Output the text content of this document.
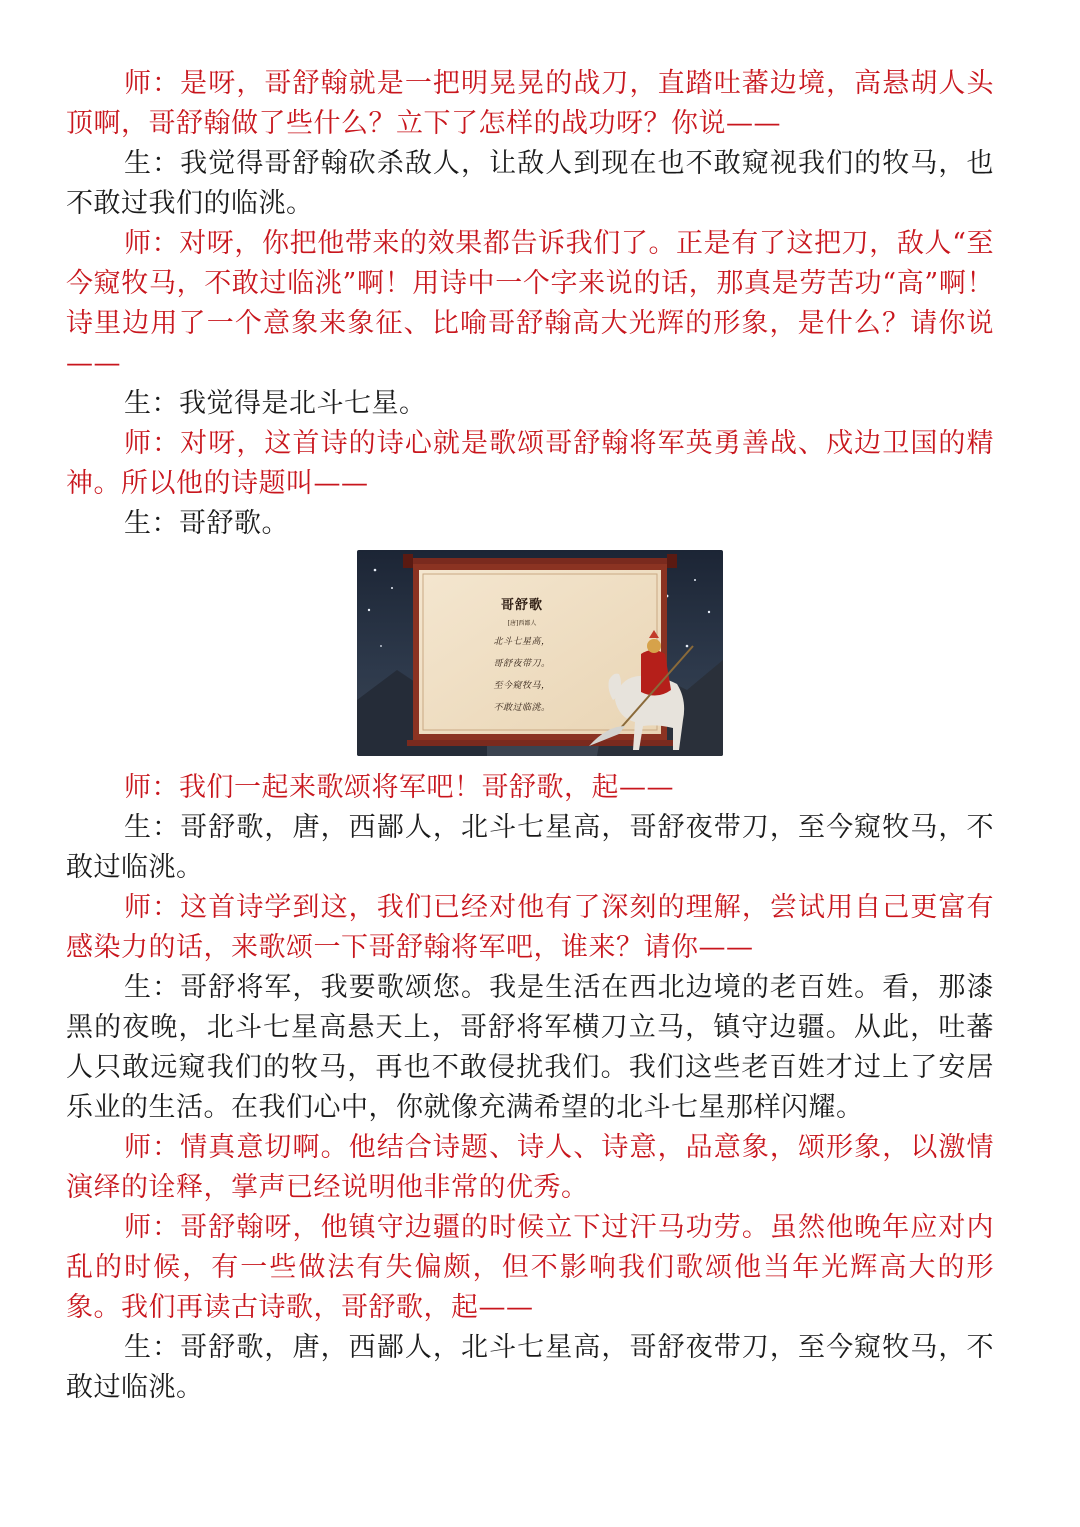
师：是呀，哥舒翰就是一把明晃晃的战刀，直踏吐蕃边境，高悬胡人头顶啊，哥舒翰做了些什么？立下了怎样的战功呀？你说——

生：我觉得哥舒翰砍杀敌人，让敌人到现在也不敢窥视我们的牧马，也不敢过我们的临洮。

师：对呀，你把他带来的效果都告诉我们了。正是有了这把刀，敌人“至今窥牧马，不敢过临洮”啊！用诗中一个字来说的话，那真是劳苦功“高”啊！诗里边用了一个意象来象征、比喻哥舒翰高大光辉的形象，是什么？请你说——

生：我觉得是北斗七星。

师：对呀，这首诗的诗心就是歌颂哥舒翰将军英勇善战、戍边卫国的精神。所以他的诗题叫——

生：哥舒歌。

哥舒歌
[唐]西鄙人
北斗七星高，
哥舒夜带刀。
至今窥牧马，
不敢过临洮。

师：我们一起来歌颂将军吧！哥舒歌，起——

生：哥舒歌，唐，西鄙人，北斗七星高，哥舒夜带刀，至今窥牧马，不敢过临洮。

师：这首诗学到这，我们已经对他有了深刻的理解，尝试用自己更富有感染力的话，来歌颂一下哥舒翰将军吧，谁来？请你——

生：哥舒将军，我要歌颂您。我是生活在西北边境的老百姓。看，那漆黑的夜晚，北斗七星高悬天上，哥舒将军横刀立马，镇守边疆。从此，吐蕃人只敢远窥我们的牧马，再也不敢侵扰我们。我们这些老百姓才过上了安居乐业的生活。在我们心中，你就像充满希望的北斗七星那样闪耀。

师：情真意切啊。他结合诗题、诗人、诗意，品意象，颂形象，以激情演绎的诠释，掌声已经说明他非常的优秀。

师：哥舒翰呀，他镇守边疆的时候立下过汗马功劳。虽然他晚年应对内乱的时候，有一些做法有失偏颇，但不影响我们歌颂他当年光辉高大的形象。我们再读古诗歌，哥舒歌，起——

生：哥舒歌，唐，西鄙人，北斗七星高，哥舒夜带刀，至今窥牧马，不敢过临洮。
